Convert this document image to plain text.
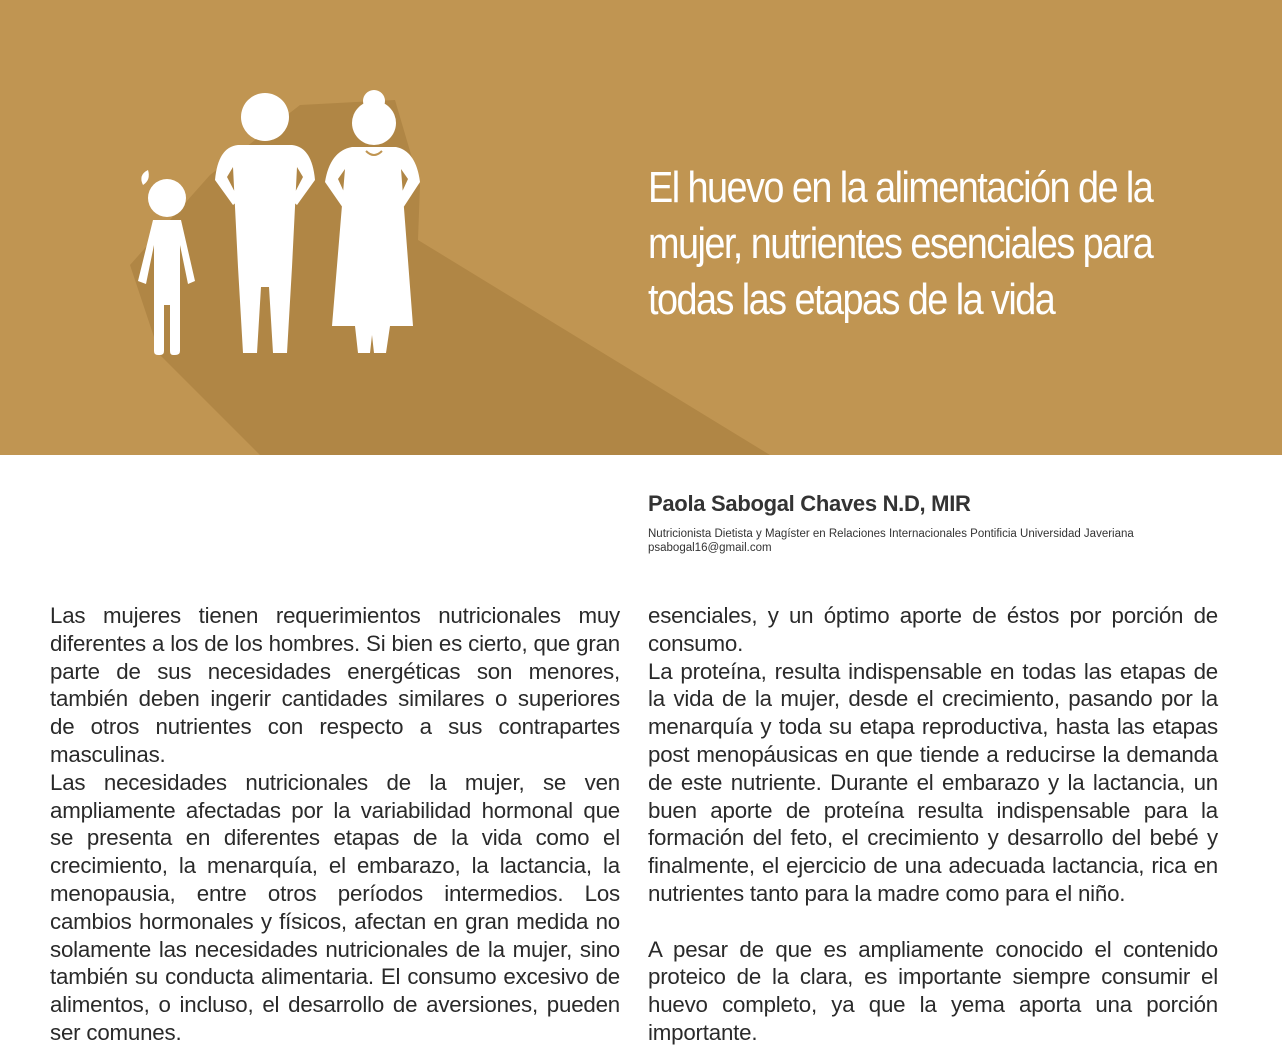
El huevo en la alimentación de la
mujer, nutrientes esenciales para
todas las etapas de la vida
Paola Sabogal Chaves N.D, MIR
Nutricionista Dietista y Magíster en Relaciones Internacionales Pontificia Universidad Javeriana
psabogal16@gmail.com

Las mujeres tienen requerimientos nutricionales muy diferentes a los de los hombres. Si bien es cierto, que gran parte de sus necesidades energéticas son menores, también deben ingerir cantidades similares o superiores de otros nutrientes con respecto a sus contrapartes masculinas.

Las necesidades nutricionales de la mujer, se ven ampliamente afectadas por la variabilidad hormonal que se presenta en diferentes etapas de la vida como el crecimiento, la menarquía, el embarazo, la lactancia, la menopausia, entre otros períodos intermedios. Los cambios hormonales y físicos, afectan en gran medida no solamente las necesidades nutricionales de la mujer, sino también su conducta alimentaria. El consumo excesivo de alimentos, o incluso, el desarrollo de aversiones, pueden ser comunes.

esenciales, y un óptimo aporte de éstos por porción de consumo.

La proteína, resulta indispensable en todas las etapas de la vida de la mujer, desde el crecimiento, pasando por la menarquía y toda su etapa reproductiva, hasta las etapas post menopáusicas en que tiende a reducirse la demanda de este nutriente. Durante el embarazo y la lactancia, un buen aporte de proteína resulta indispensable para la formación del feto, el crecimiento y desarrollo del bebé y finalmente, el ejercicio de una adecuada lactancia, rica en nutrientes tanto para la madre como para el niño.

A pesar de que es ampliamente conocido el contenido proteico de la clara, es importante siempre consumir el huevo completo, ya que la yema aporta una porción importante.
